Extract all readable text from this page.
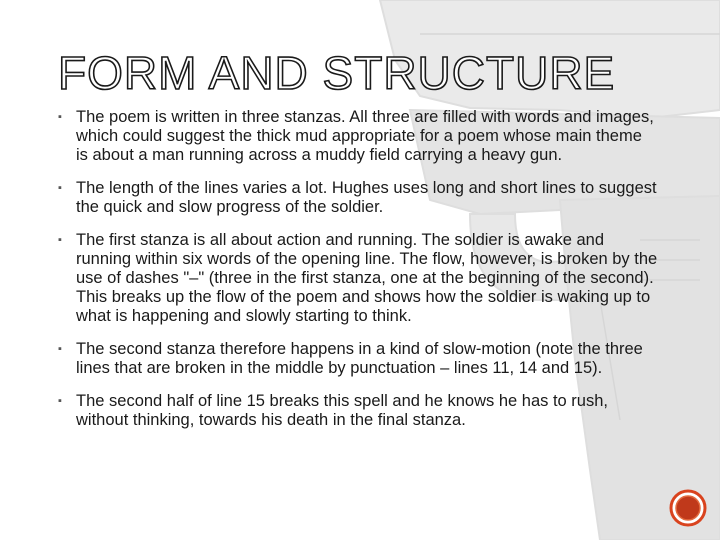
FORM AND STRUCTURE
▪ The poem is written in three stanzas. All three are filled with words and images, which could suggest the thick mud appropriate for a poem whose main theme is about a man running across a muddy field carrying a heavy gun.
▪ The length of the lines varies a lot. Hughes uses long and short lines to suggest the quick and slow progress of the soldier.
▪ The first stanza is all about action and running. The soldier is awake and running within six words of the opening line. The flow, however, is broken by the use of dashes "–" (three in the first stanza, one at the beginning of the second). This breaks up the flow of the poem and shows how the soldier is waking up to what is happening and slowly starting to think.
▪ The second stanza therefore happens in a kind of slow-motion (note the three lines that are broken in the middle by punctuation – lines 11, 14 and 15).
▪ The second half of line 15 breaks this spell and he knows he has to rush, without thinking, towards his death in the final stanza.
